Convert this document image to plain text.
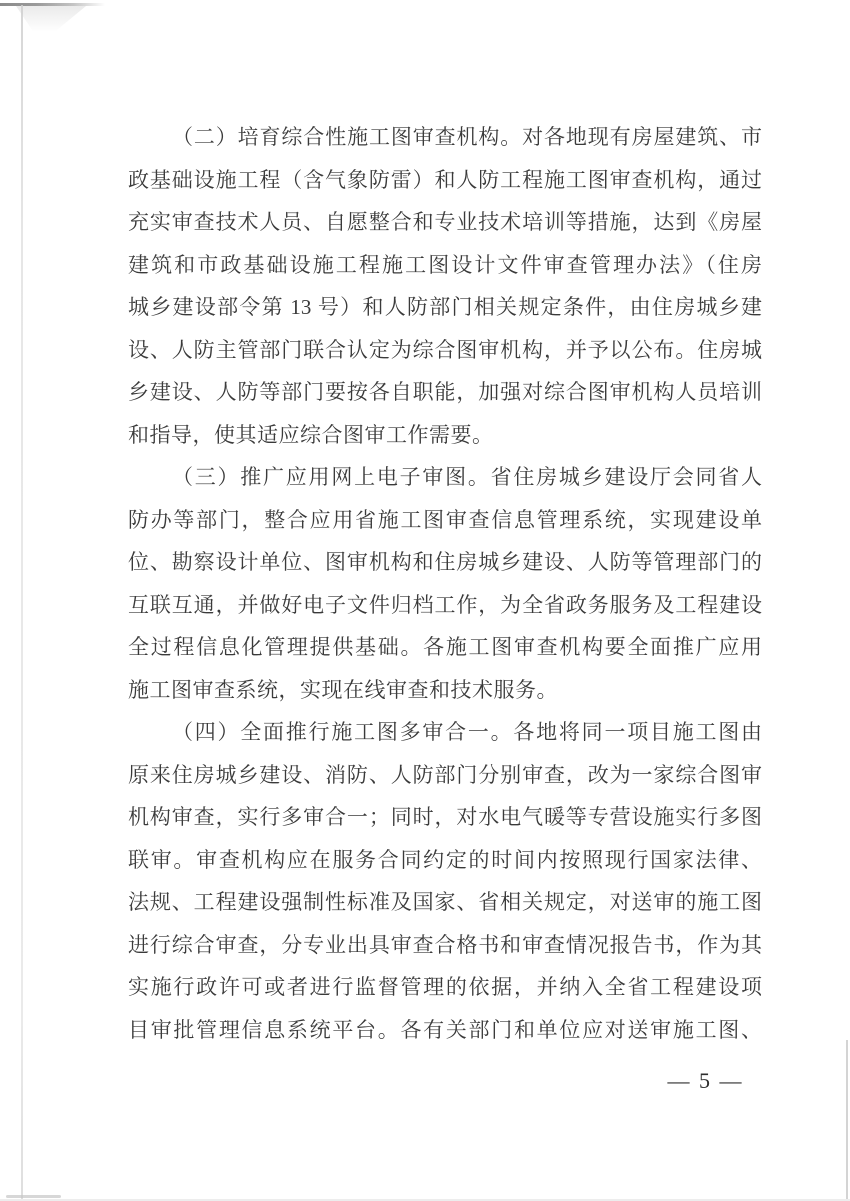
（二）培育综合性施工图审查机构。对各地现有房屋建筑、市
政基础设施工程（含气象防雷）和人防工程施工图审查机构，通过
充实审查技术人员、自愿整合和专业技术培训等措施，达到《房屋
建筑和市政基础设施工程施工图设计文件审查管理办法》（住房
城乡建设部令第 13 号）和人防部门相关规定条件，由住房城乡建
设、人防主管部门联合认定为综合图审机构，并予以公布。住房城
乡建设、人防等部门要按各自职能，加强对综合图审机构人员培训
和指导，使其适应综合图审工作需要。
（三）推广应用网上电子审图。省住房城乡建设厅会同省人
防办等部门，整合应用省施工图审查信息管理系统，实现建设单
位、勘察设计单位、图审机构和住房城乡建设、人防等管理部门的
互联互通，并做好电子文件归档工作，为全省政务服务及工程建设
全过程信息化管理提供基础。各施工图审查机构要全面推广应用
施工图审查系统，实现在线审查和技术服务。
（四）全面推行施工图多审合一。各地将同一项目施工图由
原来住房城乡建设、消防、人防部门分别审查，改为一家综合图审
机构审查，实行多审合一；同时，对水电气暖等专营设施实行多图
联审。审查机构应在服务合同约定的时间内按照现行国家法律、
法规、工程建设强制性标准及国家、省相关规定，对送审的施工图
进行综合审查，分专业出具审查合格书和审查情况报告书，作为其
实施行政许可或者进行监督管理的依据，并纳入全省工程建设项
目审批管理信息系统平台。各有关部门和单位应对送审施工图、
— 5 —
